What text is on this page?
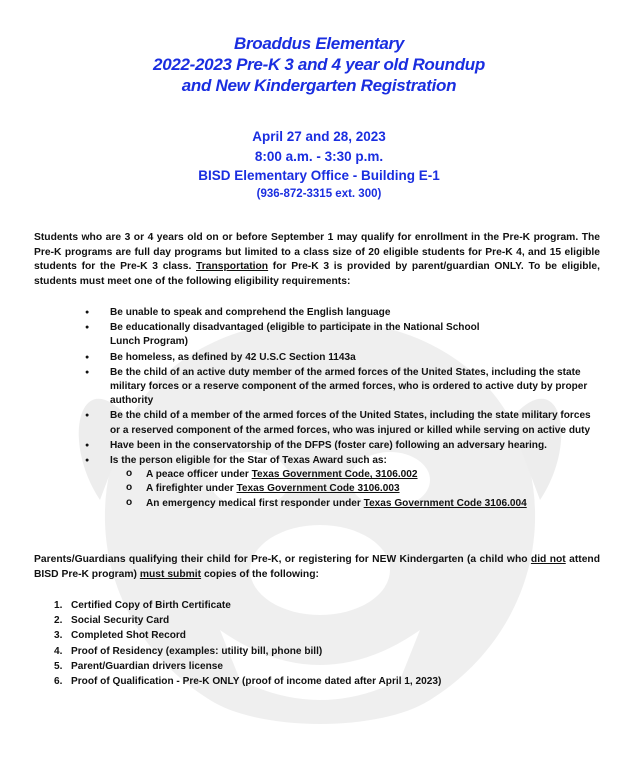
Broaddus Elementary
2022-2023 Pre-K 3 and 4 year old Roundup
and New Kindergarten Registration
April 27 and 28, 2023
8:00 a.m. - 3:30 p.m.
BISD Elementary Office - Building E-1
(936-872-3315 ext. 300)
Students who are 3 or 4 years old on or before September 1 may qualify for enrollment in the Pre-K program. The Pre-K programs are full day programs but limited to a class size of 20 eligible students for Pre-K 4, and 15 eligible students for the Pre-K 3 class. Transportation for Pre-K 3 is provided by parent/guardian ONLY. To be eligible, students must meet one of the following eligibility requirements:
● Be unable to speak and comprehend the English language
● Be educationally disadvantaged (eligible to participate in the National School
Lunch Program)
● Be homeless, as defined by 42 U.S.C Section 1143a
● Be the child of an active duty member of the armed forces of the United States, including the state military forces or a reserve component of the armed forces, who is ordered to active duty by proper authority
● Be the child of a member of the armed forces of the United States, including the state military forces or a reserved component of the armed forces, who was injured or killed while serving on active duty
● Have been in the conservatorship of the DFPS (foster care) following an adversary hearing.
● Is the person eligible for the Star of Texas Award such as:
o A peace officer under Texas Government Code, 3106.002
o A firefighter under Texas Government Code 3106.003
o An emergency medical first responder under Texas Government Code 3106.004
Parents/Guardians qualifying their child for Pre-K, or registering for NEW Kindergarten (a child who did not attend BISD Pre-K program) must submit copies of the following:
1. Certified Copy of Birth Certificate
2. Social Security Card
3. Completed Shot Record
4. Proof of Residency (examples: utility bill, phone bill)
5. Parent/Guardian drivers license
6. Proof of Qualification - Pre-K ONLY (proof of income dated after April 1, 2023)
